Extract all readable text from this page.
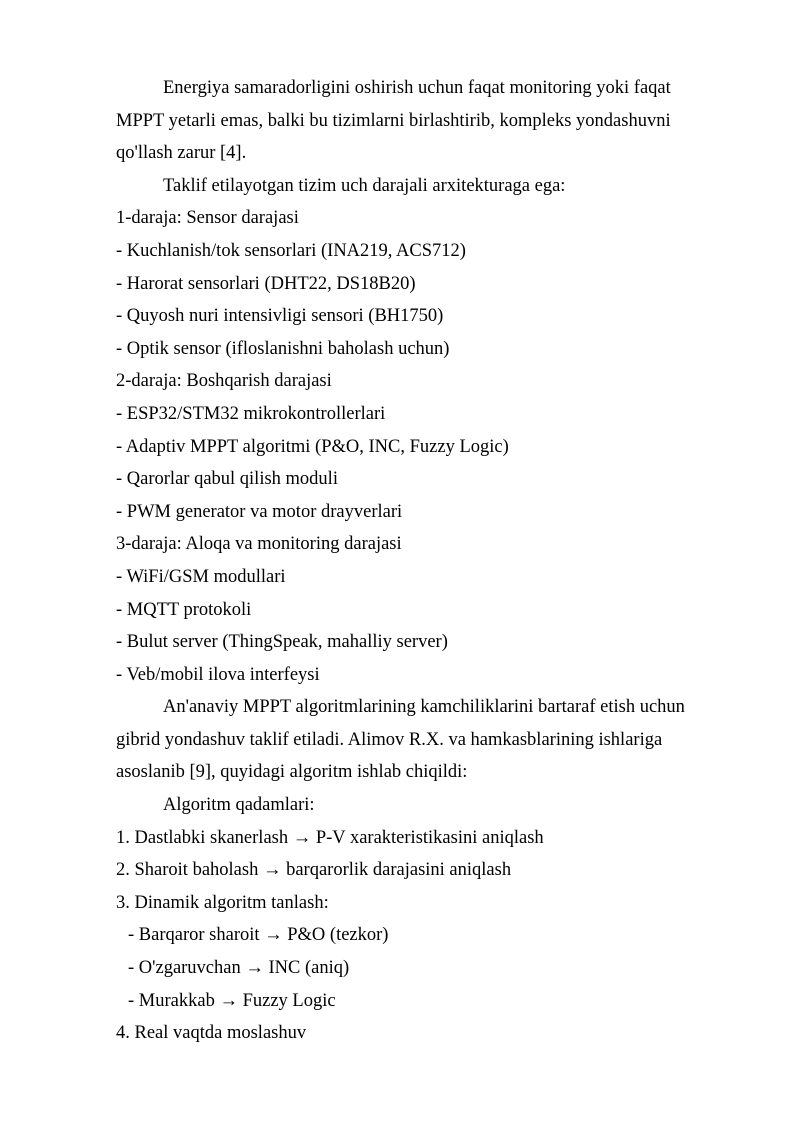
Energiya samaradorligini oshirish uchun faqat monitoring yoki faqat MPPT yetarli emas, balki bu tizimlarni birlashtirib, kompleks yondashuvni qo'llash zarur [4].

Taklif etilayotgan tizim uch darajali arxitekturaga ega:

1-daraja: Sensor darajasi

- Kuchlanish/tok sensorlari (INA219, ACS712)

- Harorat sensorlari (DHT22, DS18B20)

- Quyosh nuri intensivligi sensori (BH1750)

- Optik sensor (ifloslanishni baholash uchun)

2-daraja: Boshqarish darajasi

- ESP32/STM32 mikrokontrollerlari

- Adaptiv MPPT algoritmi (P&O, INC, Fuzzy Logic)

- Qarorlar qabul qilish moduli

- PWM generator va motor drayverlari

3-daraja: Aloqa va monitoring darajasi

- WiFi/GSM modullari

- MQTT protokoli

- Bulut server (ThingSpeak, mahalliy server)

- Veb/mobil ilova interfeysi

An'anaviy MPPT algoritmlarining kamchiliklarini bartaraf etish uchun gibrid yondashuv taklif etiladi. Alimov R.X. va hamkasblarining ishlariga asoslanib [9], quyidagi algoritm ishlab chiqildi:

Algoritm qadamlari:

1. Dastlabki skanerlash → P-V xarakteristikasini aniqlash

2. Sharoit baholash → barqarorlik darajasini aniqlash

3. Dinamik algoritm tanlash:

- Barqaror sharoit → P&O (tezkor)

- O'zgaruvchan → INC (aniq)

- Murakkab → Fuzzy Logic

4. Real vaqtda moslashuv
